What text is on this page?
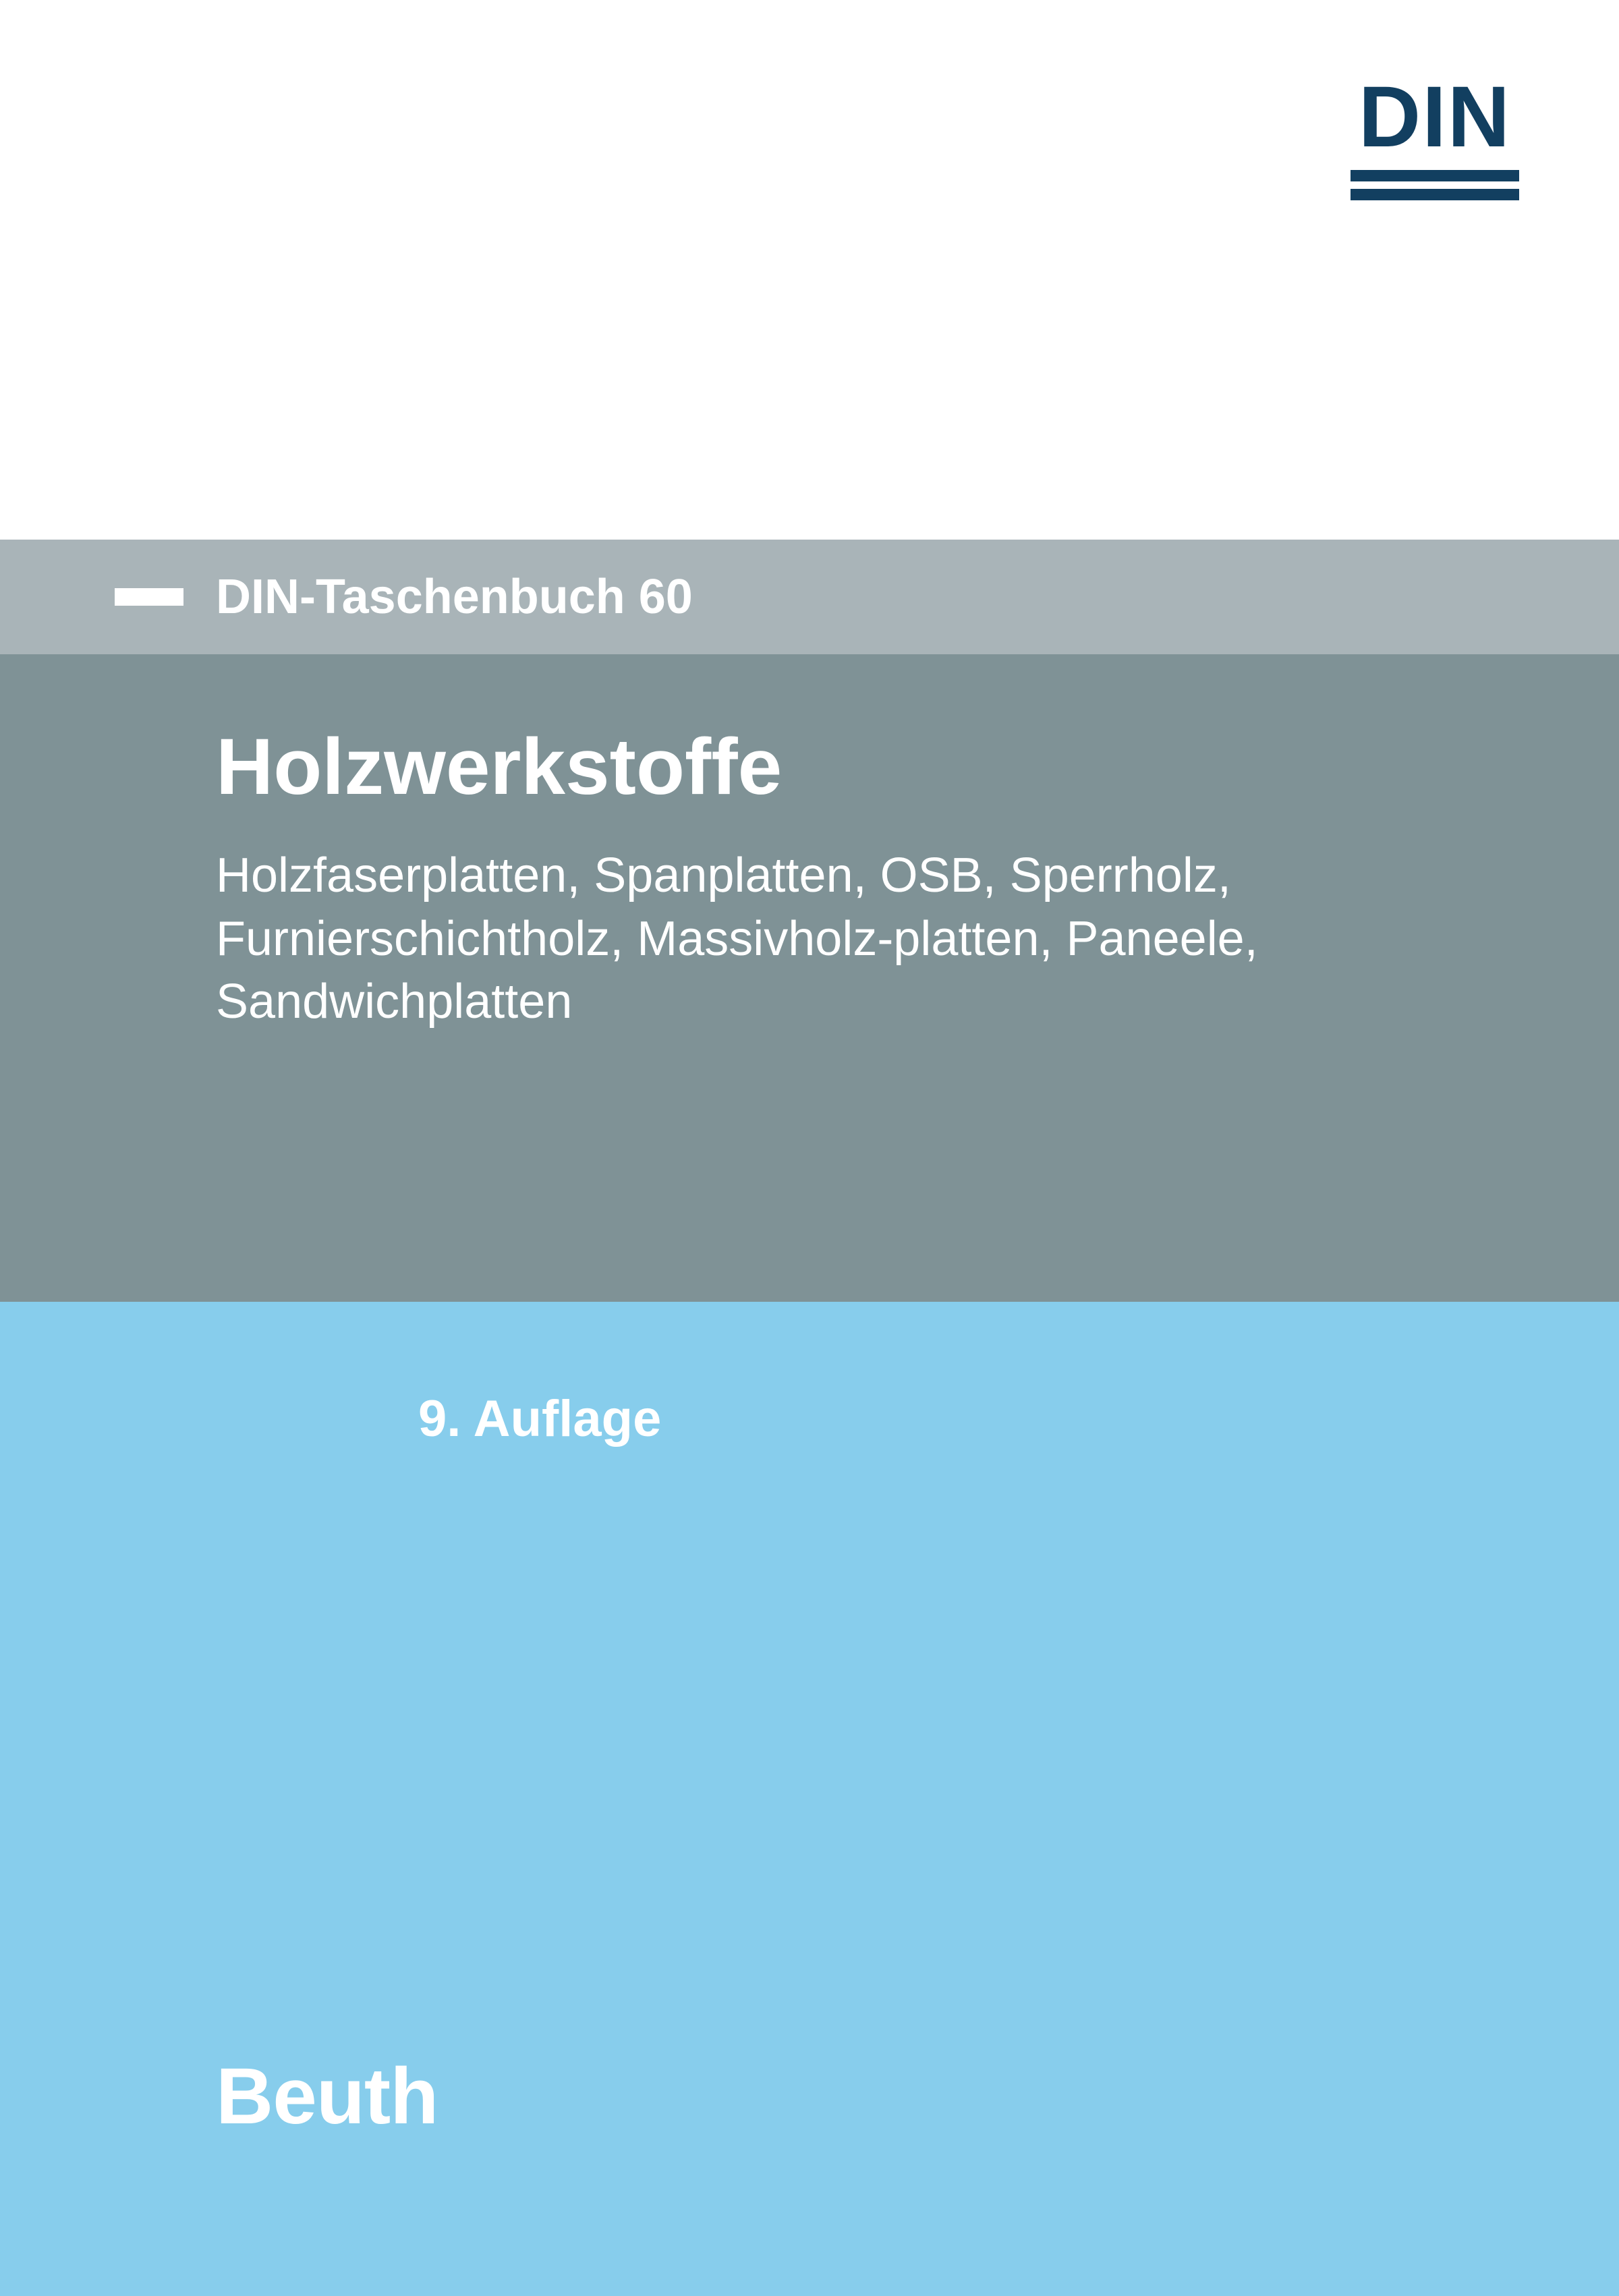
DIN
DIN-Taschenbuch 60
Holzwerkstoffe

Holzfaserplatten, Spanplatten, OSB, Sperrholz, Furnierschichtholz, Massivholz-platten, Paneele, Sandwichplatten

9. Auflage
Beuth
